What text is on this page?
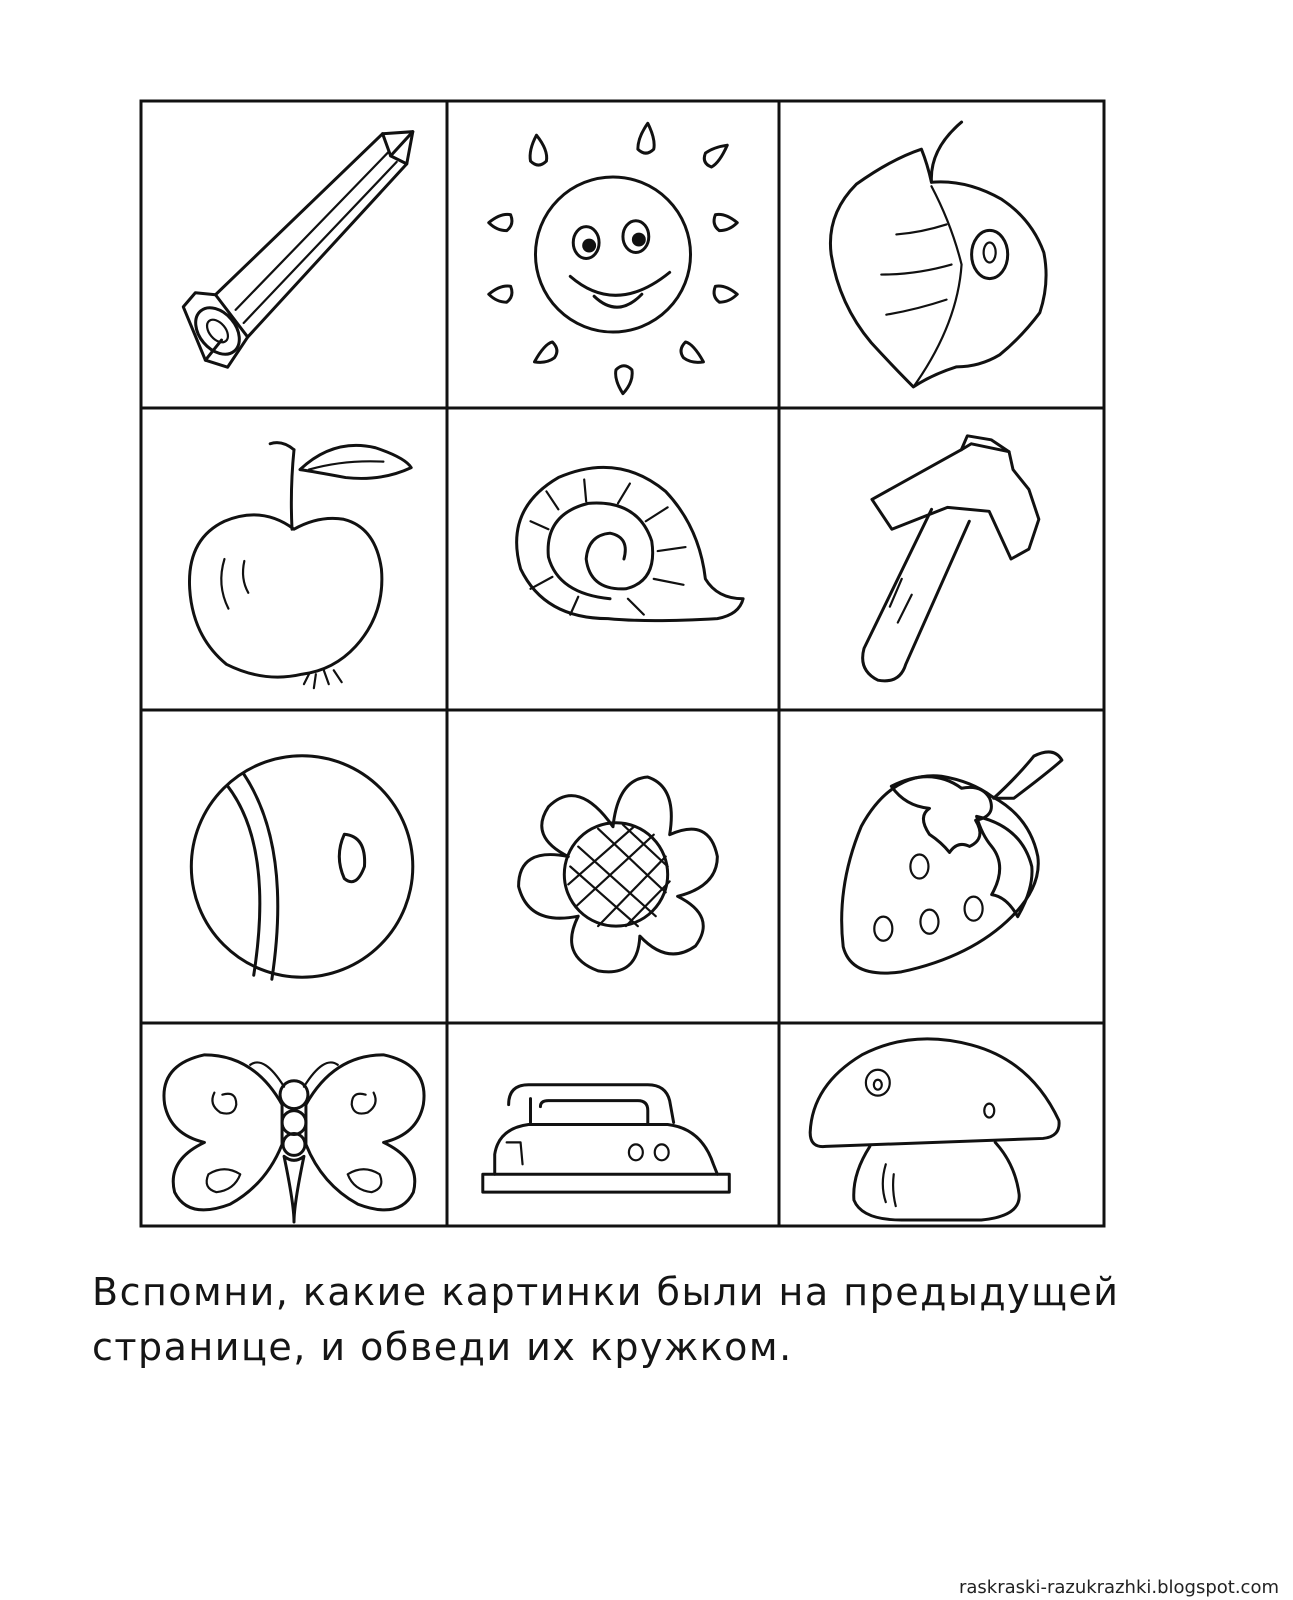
Вспомни, какие картинки были на предыдущей
странице, и обведи их кружком.

raskraski-razukrazhki.blogspot.com
